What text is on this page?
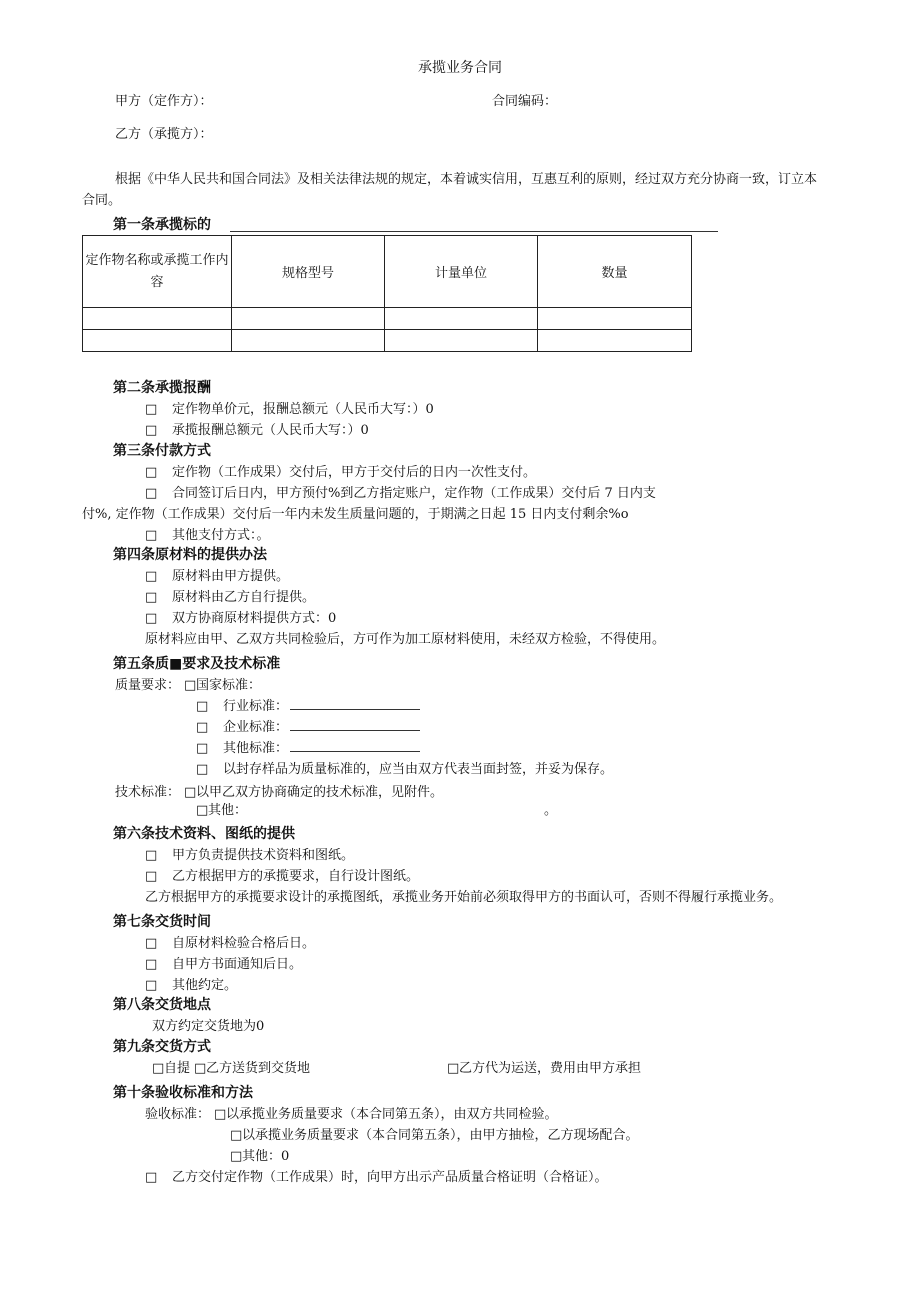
承揽业务合同
甲方（定作方）：	合同编码：
乙方（承揽方）：
根据《中华人民共和国合同法》及相关法律法规的规定，本着诚实信用，互惠互利的原则，经过双方充分协商一致，订立本
合同。
第一条承揽标的
定作物名称或承揽工作内容	规格型号	计量单位	数量

第二条承揽报酬
□ 定作物单价元，报酬总额元（人民币大写：）0
□ 承揽报酬总额元（人民币大写：）0
第三条付款方式
□ 定作物（工作成果）交付后，甲方于交付后的日内一次性支付。
□ 合同签订后日内，甲方预付%到乙方指定账户，定作物（工作成果）交付后 7 日内支
付%, 定作物（工作成果）交付后一年内未发生质量问题的，于期满之日起 15 日内支付剩余%o
□ 其他支付方式：。
第四条原材料的提供办法
□ 原材料由甲方提供。
□ 原材料由乙方自行提供。
□ 双方协商原材料提供方式：0
原材料应由甲、乙双方共同检验后，方可作为加工原材料使用，未经双方检验，不得使用。
第五条质■要求及技术标准
质量要求： □ 国家标准：
□ 行业标准：
□ 企业标准：
□ 其他标准：
□ 以封存样品为质量标准的，应当由双方代表当面封签，并妥为保存。
技术标准： □ 以甲乙双方协商确定的技术标准，见附件。
□ 其他：	。
第六条技术资料、图纸的提供
□ 甲方负责提供技术资料和图纸。
□ 乙方根据甲方的承揽要求，自行设计图纸。
乙方根据甲方的承揽要求设计的承揽图纸，承揽业务开始前必须取得甲方的书面认可，否则不得履行承揽业务。
第七条交货时间
□ 自原材料检验合格后日。
□ 自甲方书面通知后日。
□ 其他约定。
第八条交货地点
双方约定交货地为0
第九条交货方式
□ 自提 □ 乙方送货到交货地	□ 乙方代为运送，费用由甲方承担
第十条验收标准和方法
验收标准： □ 以承揽业务质量要求（本合同第五条），由双方共同检验。
□ 以承揽业务质量要求（本合同第五条），由甲方抽检，乙方现场配合。
□ 其他：0
□ 乙方交付定作物（工作成果）时，向甲方出示产品质量合格证明（合格证）。
